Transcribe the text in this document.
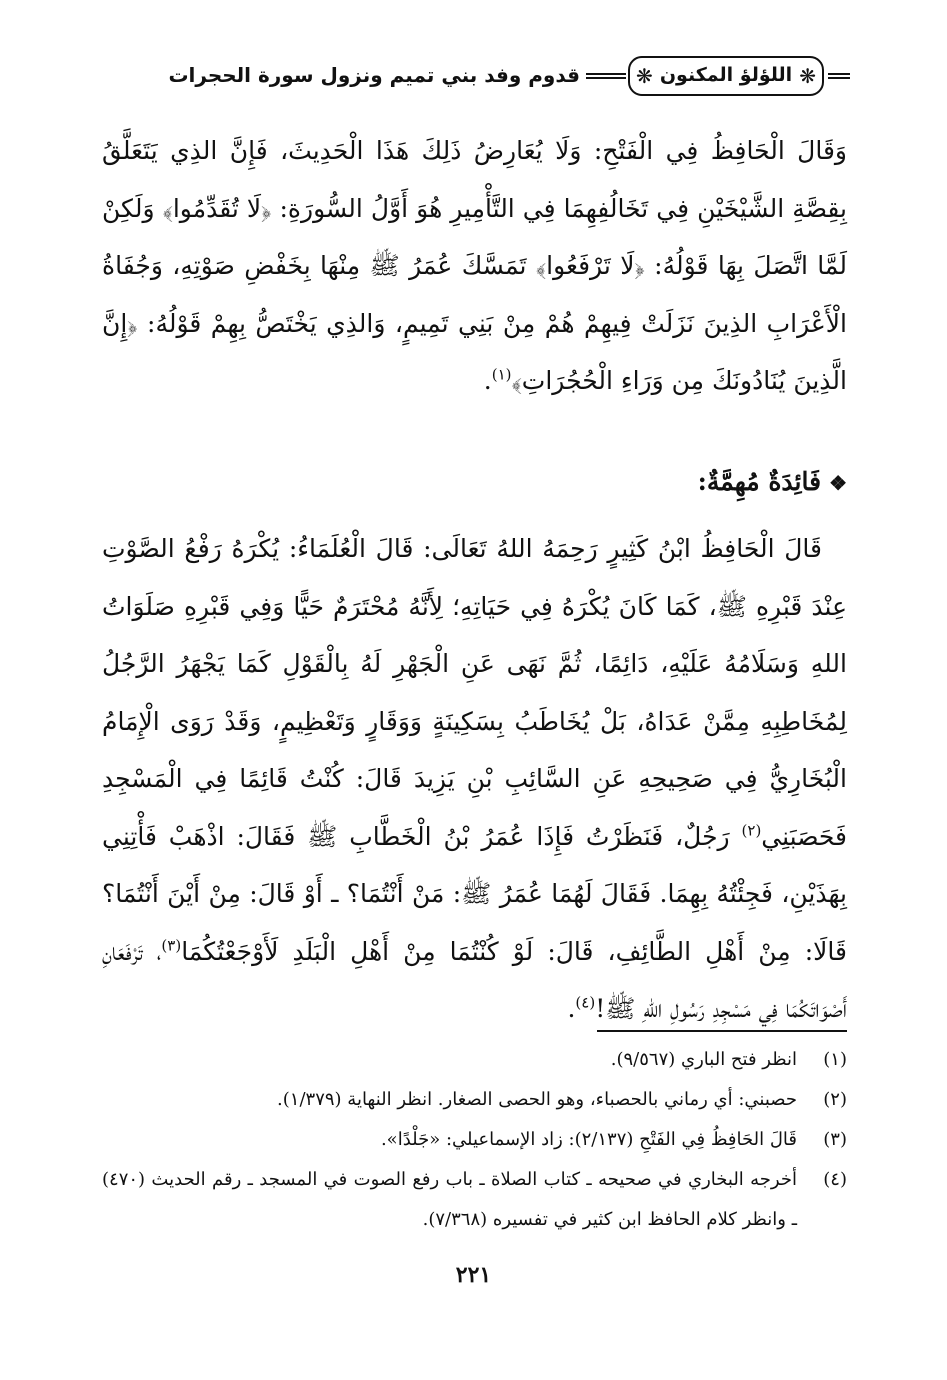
❋
اللؤلؤ المكنون
❋
قدوم وفد بني تميم ونزول سورة الحجرات

وَقَالَ الْحَافِظُ فِي الْفَتْحِ: وَلَا يُعَارِضُ ذَلِكَ هَذَا الْحَدِيثَ، فَإِنَّ الذِي يَتَعَلَّقُ بِقِصَّةِ الشَّيْخَيْنِ فِي تَخَالُفِهِمَا فِي التَّأْمِيرِ هُوَ أَوَّلُ السُّورَةِ: ﴿لَا تُقَدِّمُوا﴾ وَلَكِنْ لَمَّا اتَّصَلَ بِهَا قَوْلُهُ: ﴿لَا تَرْفَعُوا﴾ تَمَسَّكَ عُمَرُ ﷺ مِنْهَا بِخَفْضِ صَوْتِهِ، وَجُفَاةُ الْأَعْرَابِ الذِينَ نَزَلَتْ فِيهِمْ هُمْ مِنْ بَنِي تَمِيمٍ، وَالذِي يَخْتَصُّ بِهِمْ قَوْلُهُ: ﴿إِنَّ الَّذِينَ يُنَادُونَكَ مِن وَرَاءِ الْحُجُرَاتِ﴾$^{(١)}$.

❖فَائِدَةٌ مُهِمَّةٌ:

قَالَ الْحَافِظُ ابْنُ كَثِيرٍ رَحِمَهُ اللهُ تَعَالَى: قَالَ الْعُلَمَاءُ: يُكْرَهُ رَفْعُ الصَّوْتِ عِنْدَ قَبْرِهِ ﷺ، كَمَا كَانَ يُكْرَهُ فِي حَيَاتِهِ؛ لِأَنَّهُ مُحْتَرَمٌ حَيًّا وَفِي قَبْرِهِ صَلَوَاتُ اللهِ وَسَلَامُهُ عَلَيْهِ، دَائِمًا، ثُمَّ نَهَى عَنِ الْجَهْرِ لَهُ بِالْقَوْلِ كَمَا يَجْهَرُ الرَّجُلُ لِمُخَاطِبِهِ مِمَّنْ عَدَاهُ، بَلْ يُخَاطَبُ بِسَكِينَةٍ وَوَقَارٍ وَتَعْظِيمٍ، وَقَدْ رَوَى الْإِمَامُ الْبُخَارِيُّ فِي صَحِيحِهِ عَنِ السَّائِبِ بْنِ يَزِيدَ قَالَ: كُنْتُ قَائِمًا فِي الْمَسْجِدِ فَحَصَبَنِي$^{(٢)}$ رَجُلٌ، فَنَظَرْتُ فَإِذَا عُمَرُ بْنُ الْخَطَّابِ ﷺ فَقَالَ: اذْهَبْ فَأْتِنِي بِهَذَيْنِ، فَجِئْتُهُ بِهِمَا. فَقَالَ لَهُمَا عُمَرُ ﷺ: مَنْ أَنْتُمَا؟ ـ أَوْ قَالَ: مِنْ أَيْنَ أَنْتُمَا؟ قَالَا: مِنْ أَهْلِ الطَّائِفِ، قَالَ: لَوْ كُنْتُمَا مِنْ أَهْلِ الْبَلَدِ لَأَوْجَعْتُكُمَا$^{(٣)}$، تَرْفَعَانِ أَصْوَاتَكُمَا فِي مَسْجِدِ رَسُولِ اللهِ ﷺ!$^{(٤)}$.

(١)
انظر فتح الباري (٩/٥٦٧).
(٢)
حصبني: أي رماني بالحصباء، وهو الحصى الصغار. انظر النهاية (١/٣٧٩).
(٣)
قَالَ الحَافِظُ فِي الفَتْحِ (٢/١٣٧): زاد الإسماعيلي: «جَلْدًا».
(٤)
أخرجه البخاري في صحيحه ـ كتاب الصلاة ـ باب رفع الصوت في المسجد ـ رقم الحديث (٤٧٠) ـ وانظر كلام الحافظ ابن كثير في تفسيره (٧/٣٦٨).
٢٢١
